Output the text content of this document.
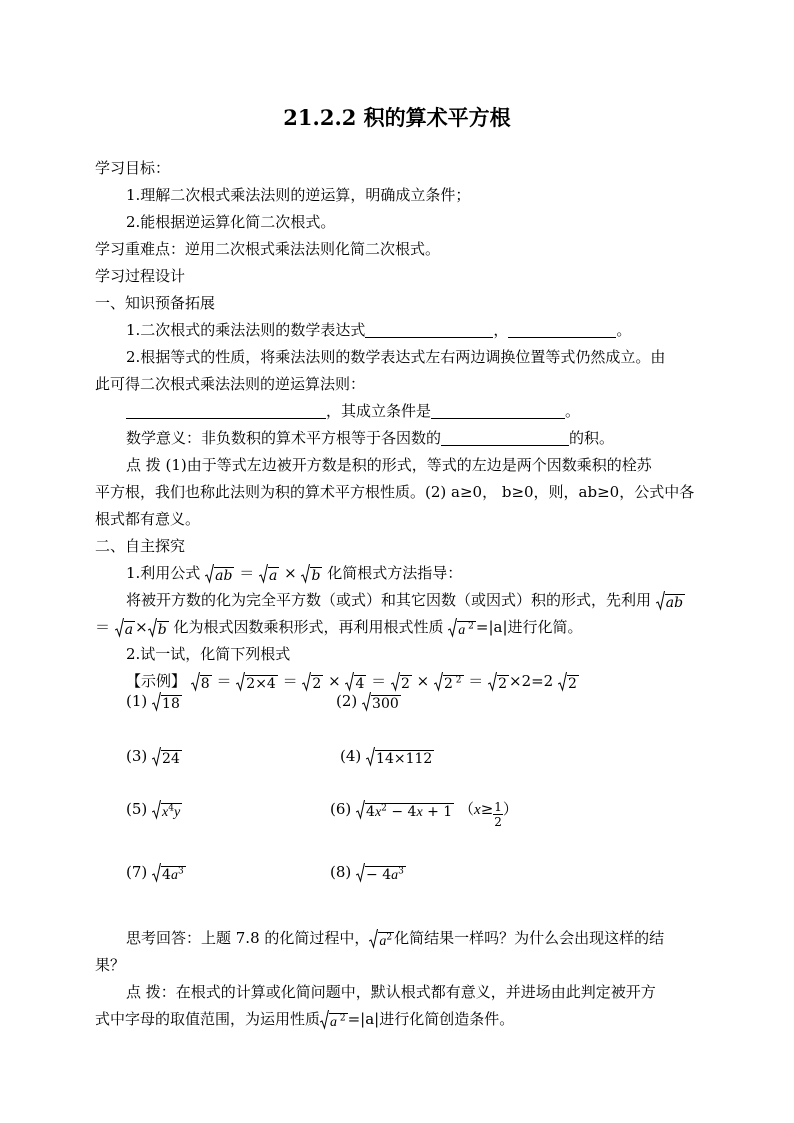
21.2.2 积的算术平方根
学习目标：
1.理解二次根式乘法法则的逆运算，明确成立条件；
2.能根据逆运算化简二次根式。
学习重难点：逆用二次根式乘法法则化简二次根式。
学习过程设计
一、知识预备拓展
1.二次根式的乘法法则的数学表达式	，	。
2.根据等式的性质，将乘法法则的数学表达式左右两边调换位置等式仍然成立。由
此可得二次根式乘法法则的逆运算法则：
，其成立条件是	。
数学意义：非负数积的算术平方根等于各因数的	的积。
点 拨 (1)由于等式左边被开方数是积的形式，等式的左边是两个因数乘积的栓苏
平方根，我们也称此法则为积的算术平方根性质。(2) a≥0， b≥0，则，ab≥0，公式中各
根式都有意义。
二、自主探究
1.利用公式 ab ＝ a × b 化简根式方法指导：
将被开方数的化为完全平方数（或式）和其它因数（或因式）积的形式，先利用 ab
＝ a × b 化为根式因数乘积形式，再利用根式性质 a $^2$ =|a|进行化简。
2.试一试，化简下列根式
【示例】 8 ＝ 2×4 ＝ 2 ×
4 ＝ 2 ×
2 $^2$ ＝ 2 ×2=2 2
(1) 18	(2) 300
(3) 24	(4) 14×112
(5) $x^4y$	(6) $4x^2 - 4x + 1$ （$x\ge \frac{1}{2}$ ）
(7) $4a^3$	$(8) - 4a^3$
思考回答：上题 7.8 的化简过程中， $a^2$ 化简结果一样吗？为什么会出现这样的结
果？
点 拨：在根式的计算或化简问题中，默认根式都有意义，并进场由此判定被开方
式中字母的取值范围，为运用性质 a $^2$ =|a|进行化简创造条件。
